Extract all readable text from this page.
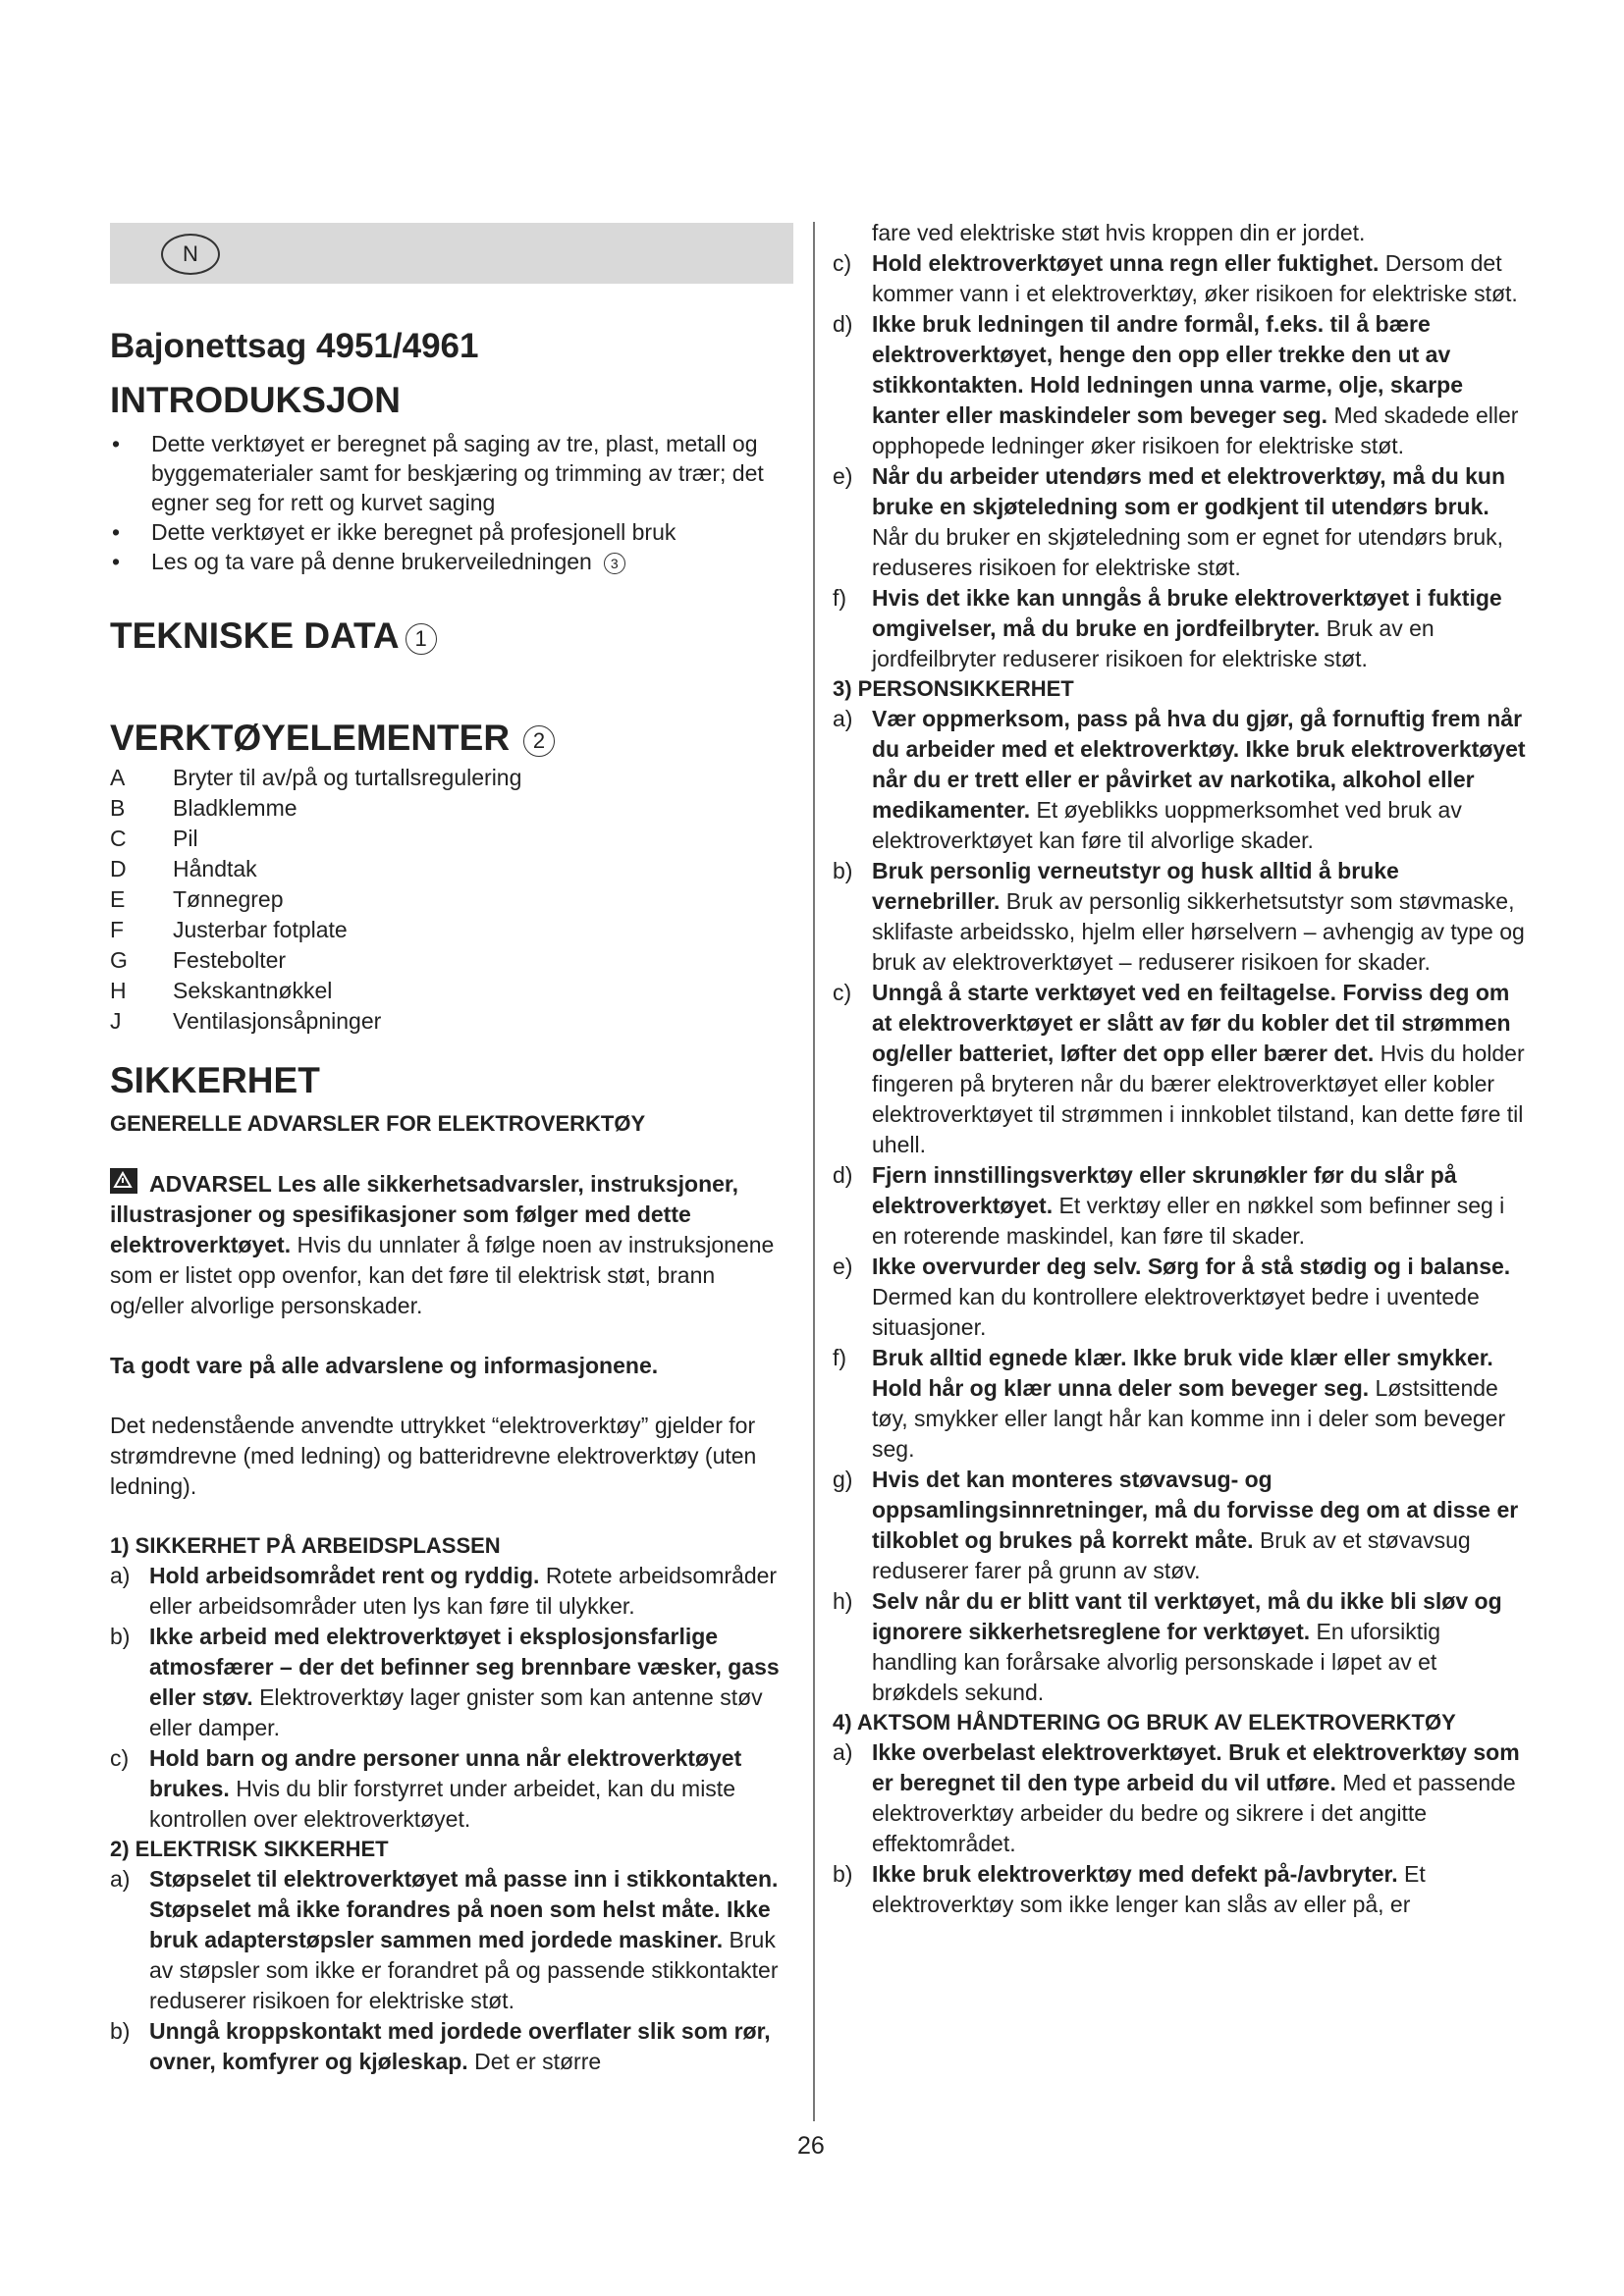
N
Bajonettsag 4951/4961
INTRODUKSJON
• Dette verktøyet er beregnet på saging av tre, plast, metall og byggematerialer samt for beskjæring og trimming av trær; det egner seg for rett og kurvet saging
• Dette verktøyet er ikke beregnet på profesjonell bruk
• Les og ta vare på denne brukerveiledningen 3
TEKNISKE DATA 1
VERKTØYELEMENTER 2
A	Bryter til av/på og turtallsregulering
B	Bladklemme
C	Pil
D	Håndtak
E	Tønnegrep
F	Justerbar fotplate
G	Festebolter
H	Sekskantnøkkel
J	Ventilasjonsåpninger
SIKKERHET
GENERELLE ADVARSLER FOR ELEKTROVERKTØY

ADVARSEL Les alle sikkerhetsadvarsler, instruksjoner, illustrasjoner og spesifikasjoner som følger med dette elektroverktøyet. Hvis du unnlater å følge noen av instruksjonene som er listet opp ovenfor, kan det føre til elektrisk støt, brann og/eller alvorlige personskader.

Ta godt vare på alle advarslene og informasjonene.

Det nedenstående anvendte uttrykket “elektroverktøy” gjelder for strømdrevne (med ledning) og batteridrevne elektroverktøy (uten ledning).

1) SIKKERHET PÅ ARBEIDSPLASSEN
a) Hold arbeidsområdet rent og ryddig. Rotete arbeidsområder eller arbeidsområder uten lys kan føre til ulykker.
b) Ikke arbeid med elektroverktøyet i eksplosjonsfarlige atmosfærer – der det befinner seg brennbare væsker, gass eller støv. Elektroverktøy lager gnister som kan antenne støv eller damper.
c) Hold barn og andre personer unna når elektroverktøyet brukes. Hvis du blir forstyrret under arbeidet, kan du miste kontrollen over elektroverktøyet.
2) ELEKTRISK SIKKERHET
a) Støpselet til elektroverktøyet må passe inn i stikkontakten. Støpselet må ikke forandres på noen som helst måte. Ikke bruk adapterstøpsler sammen med jordede maskiner. Bruk av støpsler som ikke er forandret på og passende stikkontakter reduserer risikoen for elektriske støt.
b) Unngå kroppskontakt med jordede overflater slik som rør, ovner, komfyrer og kjøleskap. Det er større
fare ved elektriske støt hvis kroppen din er jordet.
c) Hold elektroverktøyet unna regn eller fuktighet. Dersom det kommer vann i et elektroverktøy, øker risikoen for elektriske støt.
d) Ikke bruk ledningen til andre formål, f.eks. til å bære elektroverktøyet, henge den opp eller trekke den ut av stikkontakten. Hold ledningen unna varme, olje, skarpe kanter eller maskindeler som beveger seg. Med skadede eller opphopede ledninger øker risikoen for elektriske støt.
e) Når du arbeider utendørs med et elektroverktøy, må du kun bruke en skjøteledning som er godkjent til utendørs bruk. Når du bruker en skjøteledning som er egnet for utendørs bruk, reduseres risikoen for elektriske støt.
f)	Hvis det ikke kan unngås å bruke elektroverktøyet i fuktige omgivelser, må du bruke en jordfeilbryter. Bruk av en jordfeilbryter reduserer risikoen for elektriske støt.
3) PERSONSIKKERHET
a) Vær oppmerksom, pass på hva du gjør, gå fornuftig frem når du arbeider med et elektroverktøy. Ikke bruk elektroverktøyet når du er trett eller er påvirket av narkotika, alkohol eller medikamenter. Et øyeblikks uoppmerksomhet ved bruk av elektroverktøyet kan føre til alvorlige skader.
b) Bruk personlig verneutstyr og husk alltid å bruke vernebriller. Bruk av personlig sikkerhetsutstyr som støvmaske, sklifaste arbeidssko, hjelm eller hørselvern – avhengig av type og bruk av elektroverktøyet – reduserer risikoen for skader.
c) Unngå å starte verktøyet ved en feiltagelse. Forviss deg om at elektroverktøyet er slått av før du kobler det til strømmen og/eller batteriet, løfter det opp eller bærer det. Hvis du holder fingeren på bryteren når du bærer elektroverktøyet eller kobler elektroverktøyet til strømmen i innkoblet tilstand, kan dette føre til uhell.
d) Fjern innstillingsverktøy eller skrunøkler før du slår på elektroverktøyet. Et verktøy eller en nøkkel som befinner seg i en roterende maskindel, kan føre til skader.
e) Ikke overvurder deg selv. Sørg for å stå stødig og i balanse. Dermed kan du kontrollere elektroverktøyet bedre i uventede situasjoner.
f)	Bruk alltid egnede klær. Ikke bruk vide klær eller smykker. Hold hår og klær unna deler som beveger seg. Løstsittende tøy, smykker eller langt hår kan komme inn i deler som beveger seg.
g) Hvis det kan monteres støvavsug- og oppsamlingsinnretninger, må du forvisse deg om at disse er tilkoblet og brukes på korrekt måte. Bruk av et støvavsug reduserer farer på grunn av støv.
h) Selv når du er blitt vant til verktøyet, må du ikke bli sløv og ignorere sikkerhetsreglene for verktøyet. En uforsiktig handling kan forårsake alvorlig personskade i løpet av et brøkdels sekund.
4) AKTSOM HÅNDTERING OG BRUK AV ELEKTROVERKTØY
a) Ikke overbelast elektroverktøyet. Bruk et elektroverktøy som er beregnet til den type arbeid du vil utføre. Med et passende elektroverktøy arbeider du bedre og sikrere i det angitte effektområdet.
b) Ikke bruk elektroverktøy med defekt på-/avbryter. Et elektroverktøy som ikke lenger kan slås av eller på, er
26
